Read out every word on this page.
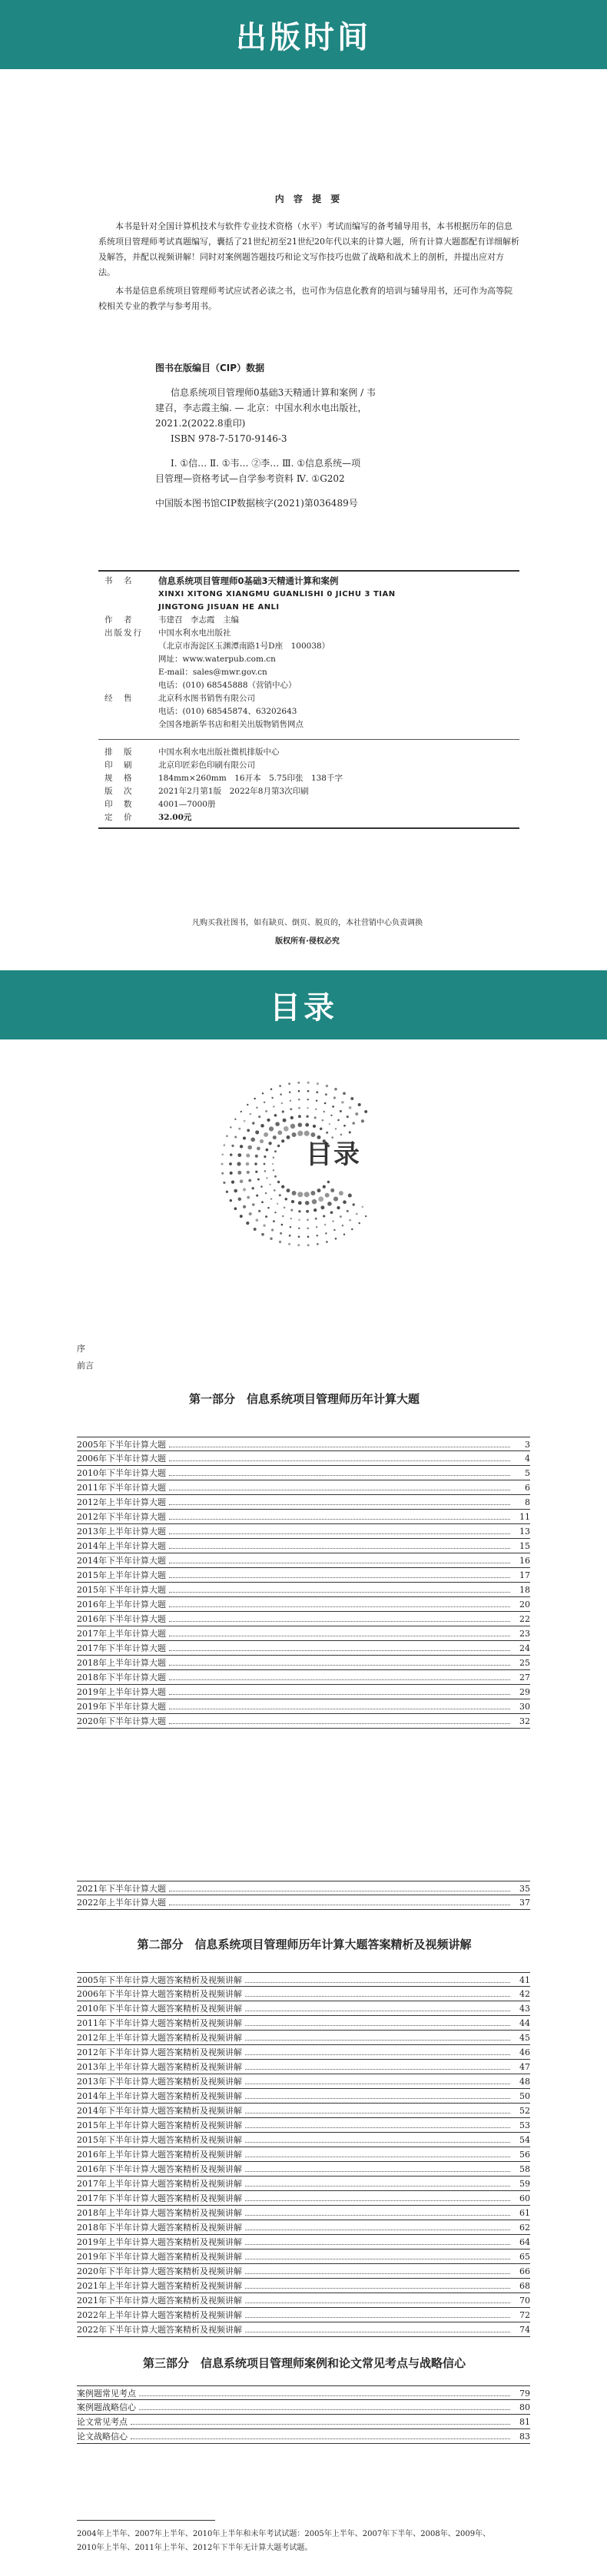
出版时间
内 容 提 要

本书是针对全国计算机技术与软件专业技术资格（水平）考试而编写的备考辅导用书，本书根据历年的信息系统项目管理师考试真题编写，囊括了21世纪初至21世纪20年代以来的计算大题，所有计算大题都配有详细解析及解答，并配以视频讲解！同时对案例题答题技巧和论文写作技巧也做了战略和战术上的剖析，并提出应对方法。

本书是信息系统项目管理师考试应试者必读之书，也可作为信息化教育的培训与辅导用书，还可作为高等院校相关专业的教学与参考用书。

图书在版编目（CIP）数据
信息系统项目管理师0基础3天精通计算和案例 / 韦
建召，李志霞主编. — 北京：中国水利水电出版社，
2021.2(2022.8重印)
ISBN 978-7-5170-9146-3
Ⅰ. ①信… Ⅱ. ①韦… ②李… Ⅲ. ①信息系统—项
目管理—资格考试—自学参考资料 Ⅳ. ①G202
中国版本图书馆CIP数据核字(2021)第036489号
书　名	信息系统项目管理师0基础3天精通计算和案例
XINXI XITONG XIANGMU GUANLISHI 0 JICHU 3 TIAN
JINGTONG JISUAN HE ANLI
作　者	韦建召　李志霞　主编
出版发行	中国水利水电出版社
（北京市海淀区玉渊潭南路1号D座　100038）
网址：www.waterpub.com.cn
E-mail：sales@mwr.gov.cn
电话：(010) 68545888（营销中心）
经　售	北京科水图书销售有限公司
电话：(010) 68545874、63202643
全国各地新华书店和相关出版物销售网点
排　版	中国水利水电出版社微机排版中心
印　刷	北京印匠彩色印刷有限公司
规　格	184mm×260mm　16开本　5.75印张　138千字
版　次	2021年2月第1版　2022年8月第3次印刷
印　数	4001—7000册
定　价	32.00元
凡购买我社图书，如有缺页、倒页、脱页的，本社营销中心负责调换
版权所有·侵权必究
目录
目录
序
前言
第一部分　信息系统项目管理师历年计算大题
2005年下半年计算大题	3
2006年下半年计算大题	4
2010年下半年计算大题	5
2011年下半年计算大题	6
2012年上半年计算大题	8
2012年下半年计算大题	11
2013年上半年计算大题	13
2014年上半年计算大题	15
2014年下半年计算大题	16
2015年上半年计算大题	17
2015年下半年计算大题	18
2016年上半年计算大题	20
2016年下半年计算大题	22
2017年上半年计算大题	23
2017年下半年计算大题	24
2018年上半年计算大题	25
2018年下半年计算大题	27
2019年上半年计算大题	29
2019年下半年计算大题	30
2020年下半年计算大题	32
2021年下半年计算大题	35
2022年上半年计算大题	37
第二部分　信息系统项目管理师历年计算大题答案精析及视频讲解
2005年下半年计算大题答案精析及视频讲解	41
2006年下半年计算大题答案精析及视频讲解	42
2010年下半年计算大题答案精析及视频讲解	43
2011年下半年计算大题答案精析及视频讲解	44
2012年上半年计算大题答案精析及视频讲解	45
2012年下半年计算大题答案精析及视频讲解	46
2013年上半年计算大题答案精析及视频讲解	47
2013年下半年计算大题答案精析及视频讲解	48
2014年上半年计算大题答案精析及视频讲解	50
2014年下半年计算大题答案精析及视频讲解	52
2015年上半年计算大题答案精析及视频讲解	53
2015年下半年计算大题答案精析及视频讲解	54
2016年上半年计算大题答案精析及视频讲解	56
2016年下半年计算大题答案精析及视频讲解	58
2017年上半年计算大题答案精析及视频讲解	59
2017年下半年计算大题答案精析及视频讲解	60
2018年上半年计算大题答案精析及视频讲解	61
2018年下半年计算大题答案精析及视频讲解	62
2019年上半年计算大题答案精析及视频讲解	64
2019年下半年计算大题答案精析及视频讲解	65
2020年下半年计算大题答案精析及视频讲解	66
2021年上半年计算大题答案精析及视频讲解	68
2021年下半年计算大题答案精析及视频讲解	70
2022年上半年计算大题答案精析及视频讲解	72
2022年下半年计算大题答案精析及视频讲解	74
第三部分　信息系统项目管理师案例和论文常见考点与战略信心
案例题常见考点	79
案例题战略信心	80
论文常见考点	81
论文战略信心	83
2004年上半年、2007年上半年、2010年上半年和未年考试试题：2005年上半年、2007年下半年、2008年、2009年、
2010年上半年、2011年上半年、2012年下半年无计算大题考试题。
